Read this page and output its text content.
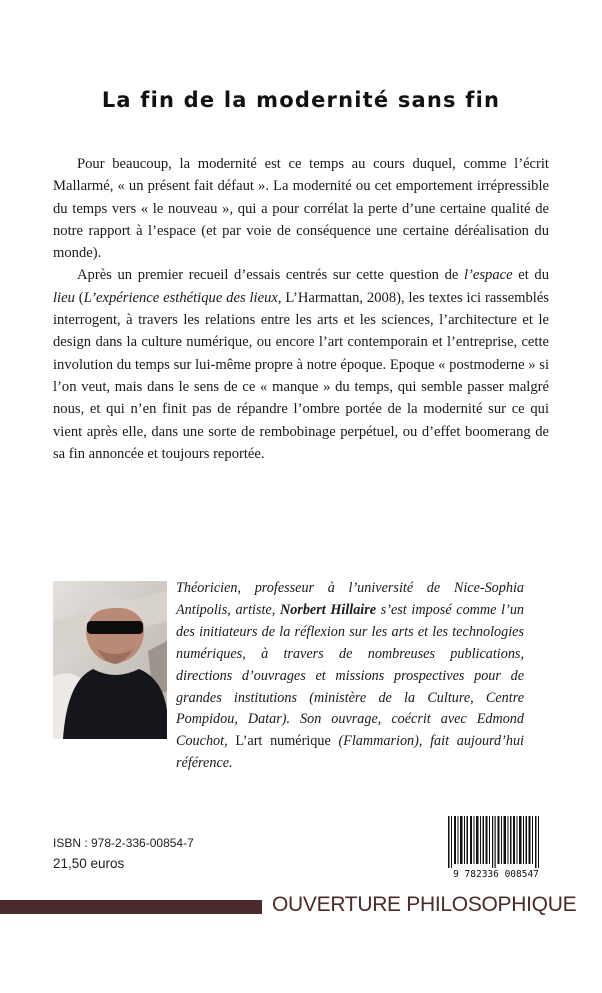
La fin de la modernité sans fin

Pour beaucoup, la modernité est ce temps au cours duquel, comme l’écrit Mallarmé, « un présent fait défaut ». La modernité ou cet emportement irrépressible du temps vers « le nouveau », qui a pour corrélat la perte d’une certaine qualité de notre rapport à l’espace (et par voie de conséquence une certaine déréalisation du monde).

Après un premier recueil d’essais centrés sur cette question de l’espace et du lieu (L’expérience esthétique des lieux, L’Harmattan, 2008), les textes ici rassemblés interrogent, à travers les relations entre les arts et les sciences, l’architecture et le design dans la culture numérique, ou encore l’art contemporain et l’entreprise, cette involution du temps sur lui-même propre à notre époque. Epoque « postmoderne » si l’on veut, mais dans le sens de ce « manque » du temps, qui semble passer malgré nous, et qui n’en finit pas de répandre l’ombre portée de la modernité sur ce qui vient après elle, dans une sorte de rembobinage perpétuel, ou d’effet boomerang de sa fin annoncée et toujours reportée.

Théoricien, professeur à l’université de Nice-Sophia Antipolis, artiste, Norbert Hillaire s’est imposé comme l’un des initiateurs de la réflexion sur les arts et les technologies numériques, à travers de nombreuses publications, directions d’ouvrages et missions prospectives pour de grandes institutions (ministère de la Culture, Centre Pompidou, Datar). Son ouvrage, coécrit avec Edmond Couchot, L’art numérique (Flammarion), fait aujourd’hui référence.
ISBN : 978-2-336-00854-7
21,50 euros
9 782336 008547
OUVERTURE PHILOSOPHIQUE
